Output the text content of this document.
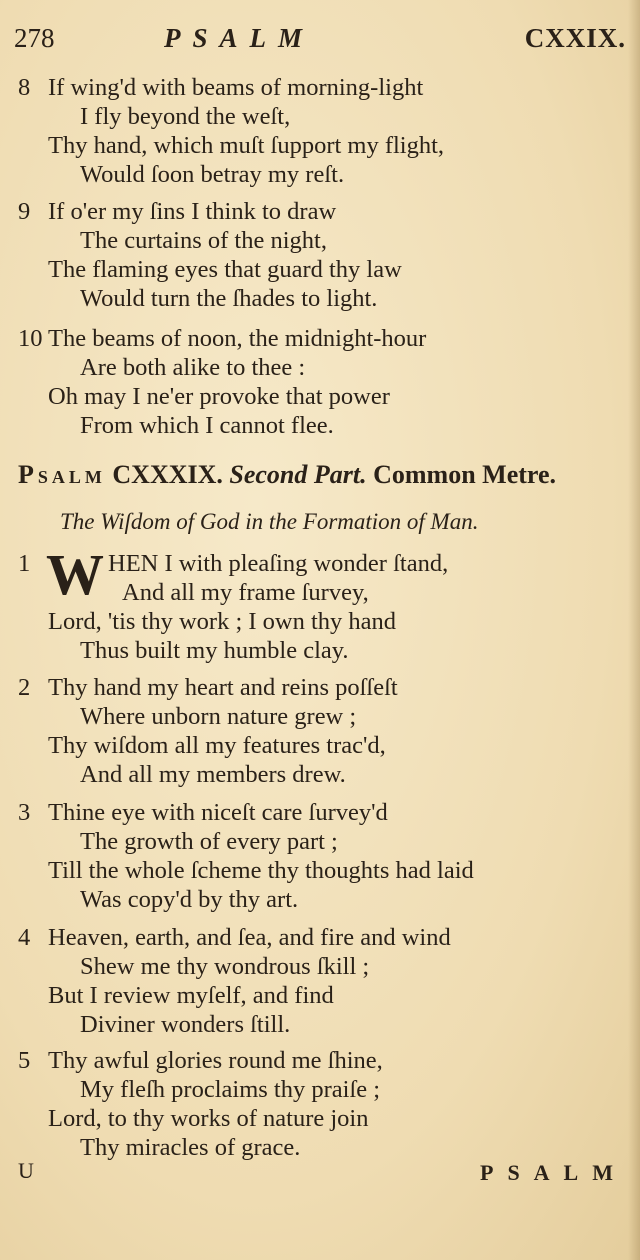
278	PSALM	CXXIX.
8 If wing'd with beams of morning-light
I fly beyond the weſt,
Thy hand, which muſt ſupport my flight,
Would ſoon betray my reſt.
9 If o'er my ſins I think to draw
The curtains of the night,
The flaming eyes that guard thy law
Would turn the ſhades to light.
10 The beams of noon, the midnight-hour
Are both alike to thee :
Oh may I ne'er provoke that power
From which I cannot flee.
Psalm CXXXIX. Second Part. Common Metre.
The Wiſdom of God in the Formation of Man.
1	HEN I with pleaſing wonder ſtand,
And all my frame ſurvey,
Lord, 'tis thy work ; I own thy hand
Thus built my humble clay.
W
2 Thy hand my heart and reins poſſeſt
Where unborn nature grew ;
Thy wiſdom all my features trac'd,
And all my members drew.
3 Thine eye with niceſt care ſurvey'd
The growth of every part ;
Till the whole ſcheme thy thoughts had laid
Was copy'd by thy art.
4 Heaven, earth, and ſea, and fire and wind
Shew me thy wondrous ſkill ;
But I review myſelf, and find
Diviner wonders ſtill.
5 Thy awful glories round me ſhine,
My fleſh proclaims thy praiſe ;
Lord, to thy works of nature join
Thy miracles of grace.
U	PSALM
